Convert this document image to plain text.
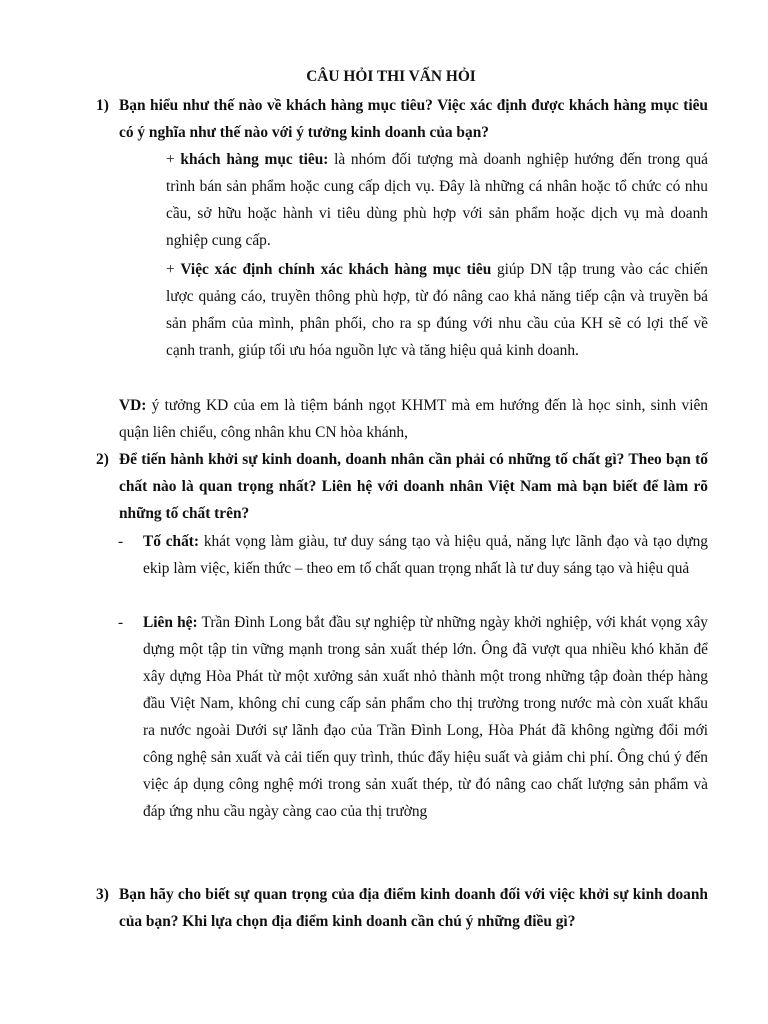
CÂU HỎI THI VẤN HỎI
1) Bạn hiểu như thế nào về khách hàng mục tiêu? Việc xác định được khách hàng mục tiêu có ý nghĩa như thế nào với ý tưởng kinh doanh của bạn?
+ khách hàng mục tiêu: là nhóm đối tượng mà doanh nghiệp hướng đến trong quá trình bán sản phẩm hoặc cung cấp dịch vụ. Đây là những cá nhân hoặc tổ chức có nhu cầu, sở hữu hoặc hành vi tiêu dùng phù hợp với sản phẩm hoặc dịch vụ mà doanh nghiệp cung cấp.
+ Việc xác định chính xác khách hàng mục tiêu giúp DN tập trung vào các chiến lược quảng cáo, truyền thông phù hợp, từ đó nâng cao khả năng tiếp cận và truyền bá sản phẩm của mình, phân phối, cho ra sp đúng với nhu cầu của KH sẽ có lợi thế về cạnh tranh, giúp tối ưu hóa nguồn lực và tăng hiệu quả kinh doanh.
VD: ý tưởng KD của em là tiệm bánh ngọt KHMT mà em hướng đến là học sinh, sinh viên quận liên chiểu, công nhân khu CN hòa khánh,
2) Để tiến hành khởi sự kinh doanh, doanh nhân cần phải có những tố chất gì? Theo bạn tố chất nào là quan trọng nhất? Liên hệ với doanh nhân Việt Nam mà bạn biết để làm rõ những tố chất trên?
- Tố chất: khát vọng làm giàu, tư duy sáng tạo và hiệu quả, năng lực lãnh đạo và tạo dựng ekip làm việc, kiến thức – theo em tố chất quan trọng nhất là tư duy sáng tạo và hiệu quả
- Liên hệ: Trần Đình Long bắt đầu sự nghiệp từ những ngày khởi nghiệp, với khát vọng xây dựng một tập tin vững mạnh trong sản xuất thép lớn. Ông đã vượt qua nhiều khó khăn để xây dựng Hòa Phát từ một xưởng sản xuất nhỏ thành một trong những tập đoàn thép hàng đầu Việt Nam, không chỉ cung cấp sản phẩm cho thị trường trong nước mà còn xuất khẩu ra nước ngoài Dưới sự lãnh đạo của Trần Đình Long, Hòa Phát đã không ngừng đổi mới công nghệ sản xuất và cải tiến quy trình, thúc đẩy hiệu suất và giảm chi phí. Ông chú ý đến việc áp dụng công nghệ mới trong sản xuất thép, từ đó nâng cao chất lượng sản phẩm và đáp ứng nhu cầu ngày càng cao của thị trường
3) Bạn hãy cho biết sự quan trọng của địa điểm kinh doanh đối với việc khởi sự kinh doanh của bạn? Khi lựa chọn địa điểm kinh doanh cần chú ý những điều gì?
